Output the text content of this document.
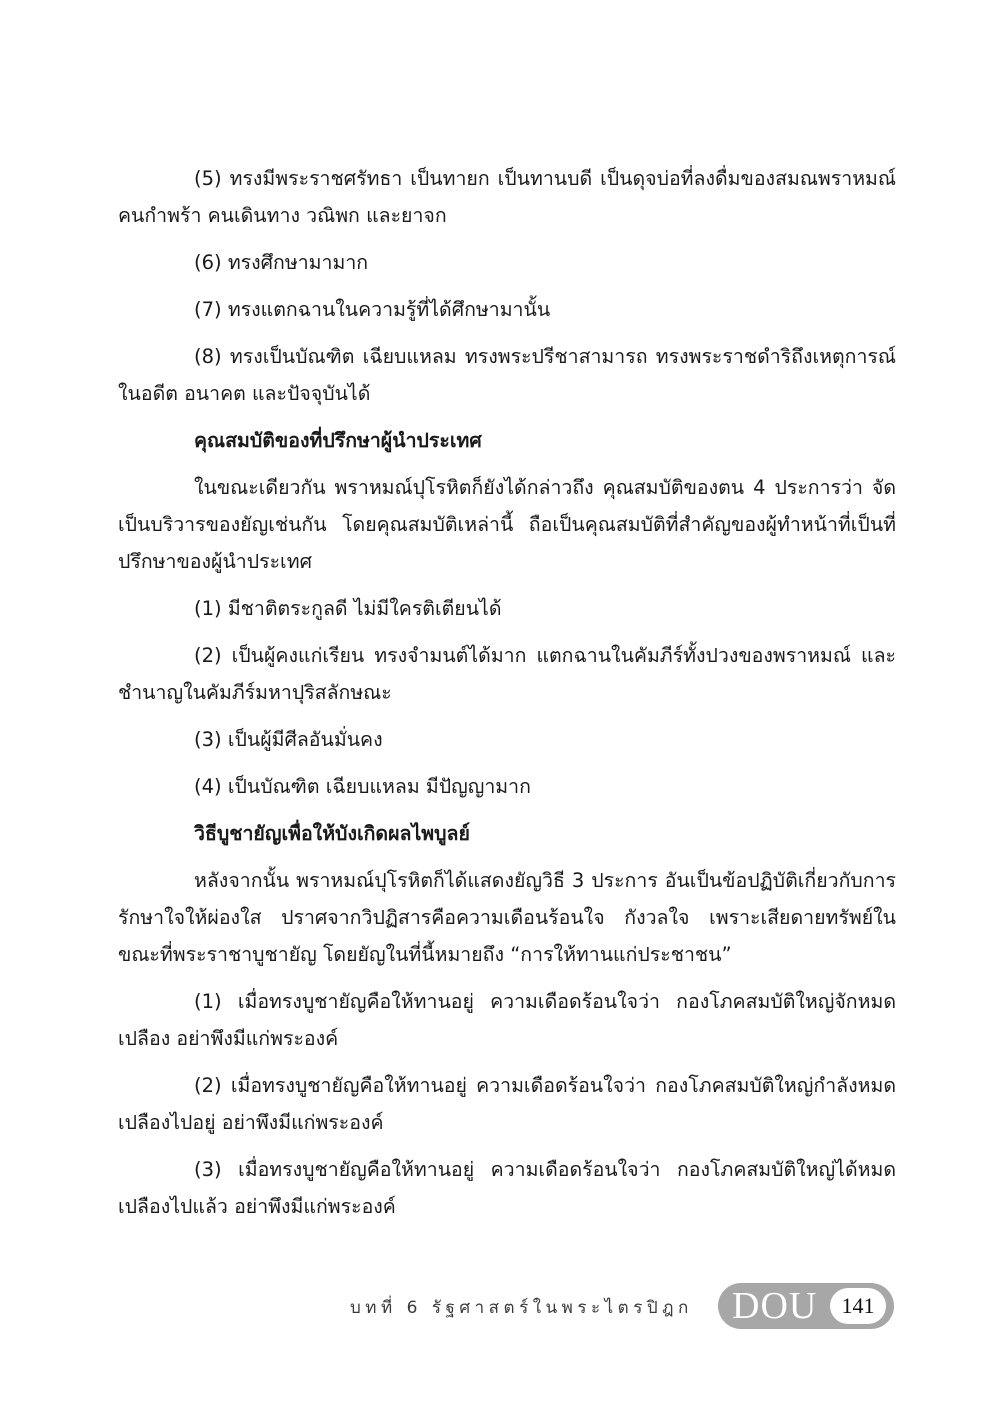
(5) ทรงมีพระราชศรัทธา เป็นทายก เป็นทานบดี เป็นดุจบ่อที่ลงดื่มของสมณพราหมณ์ คนกำพร้า คนเดินทาง วณิพก และยาจก

(6) ทรงศึกษามามาก

(7) ทรงแตกฉานในความรู้ที่ได้ศึกษามานั้น

(8) ทรงเป็นบัณฑิต เฉียบแหลม ทรงพระปรีชาสามารถ ทรงพระราชดำริถึงเหตุการณ์ในอดีต อนาคต และปัจจุบันได้

คุณสมบัติของที่ปรึกษาผู้นำประเทศ

ในขณะเดียวกัน พราหมณ์ปุโรหิตก็ยังได้กล่าวถึง คุณสมบัติของตน 4 ประการว่า จัดเป็นบริวารของยัญเช่นกัน โดยคุณสมบัติเหล่านี้ ถือเป็นคุณสมบัติที่สำคัญของผู้ทำหน้าที่เป็นที่ปรึกษาของผู้นำประเทศ

(1) มีชาติตระกูลดี ไม่มีใครติเตียนได้

(2) เป็นผู้คงแก่เรียน ทรงจำมนต์ได้มาก แตกฉานในคัมภีร์ทั้งปวงของพราหมณ์ และชำนาญในคัมภีร์มหาปุริสลักษณะ

(3) เป็นผู้มีศีลอันมั่นคง

(4) เป็นบัณฑิต เฉียบแหลม มีปัญญามาก

วิธีบูชายัญเพื่อให้บังเกิดผลไพบูลย์

หลังจากนั้น พราหมณ์ปุโรหิตก็ได้แสดงยัญวิธี 3 ประการ อันเป็นข้อปฏิบัติเกี่ยวกับการรักษาใจให้ผ่องใส ปราศจากวิปฏิสารคือความเดือนร้อนใจ กังวลใจ เพราะเสียดายทรัพย์ในขณะที่พระราชาบูชายัญ โดยยัญในที่นี้หมายถึง “การให้ทานแก่ประชาชน”

(1) เมื่อทรงบูชายัญคือให้ทานอยู่ ความเดือดร้อนใจว่า กองโภคสมบัติใหญ่จักหมดเปลือง อย่าพึงมีแก่พระองค์

(2) เมื่อทรงบูชายัญคือให้ทานอยู่ ความเดือดร้อนใจว่า กองโภคสมบัติใหญ่กำลังหมดเปลืองไปอยู่ อย่าพึงมีแก่พระองค์

(3) เมื่อทรงบูชายัญคือให้ทานอยู่ ความเดือดร้อนใจว่า กองโภคสมบัติใหญ่ได้หมดเปลืองไปแล้ว อย่าพึงมีแก่พระองค์

บทที่ 6 รัฐศาสตร์ในพระไตรปิฎก DOU	141
